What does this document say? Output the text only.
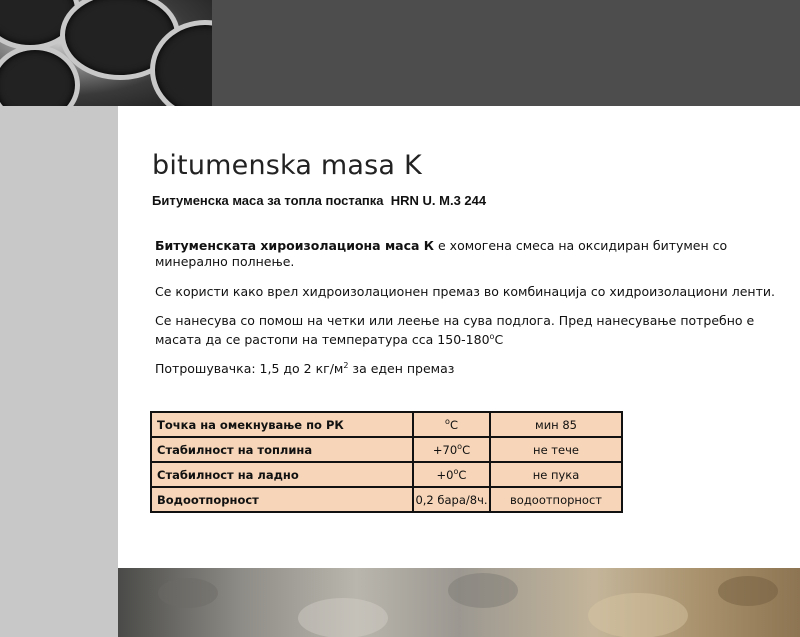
bitumenska masa K
Битуменска маса за топла постапка  HRN U. M.3 244
Битуменската хироизолациона маса К е хомогена смеса на оксидиран битумен со минерално полнење.
Се користи како врел хидроизолационен премаз во комбинација со хидроизолациони ленти.
Се нанесува со помош на четки или леење на сува подлога. Пред нанесување потребно е масата да се растопи на температура cca 150-180$^o$C
Потрошувачка: 1,5 до 2 $кг/м^2$ за еден премаз
Точка на омекнување по РК	$^o$C	мин 85
Стабилност на топлина	$+70^oC$	не тече
Стабилност на ладно	$+0^oC$	не пука
Водоотпорност	0,2 бара/8ч.	водоотпорност
